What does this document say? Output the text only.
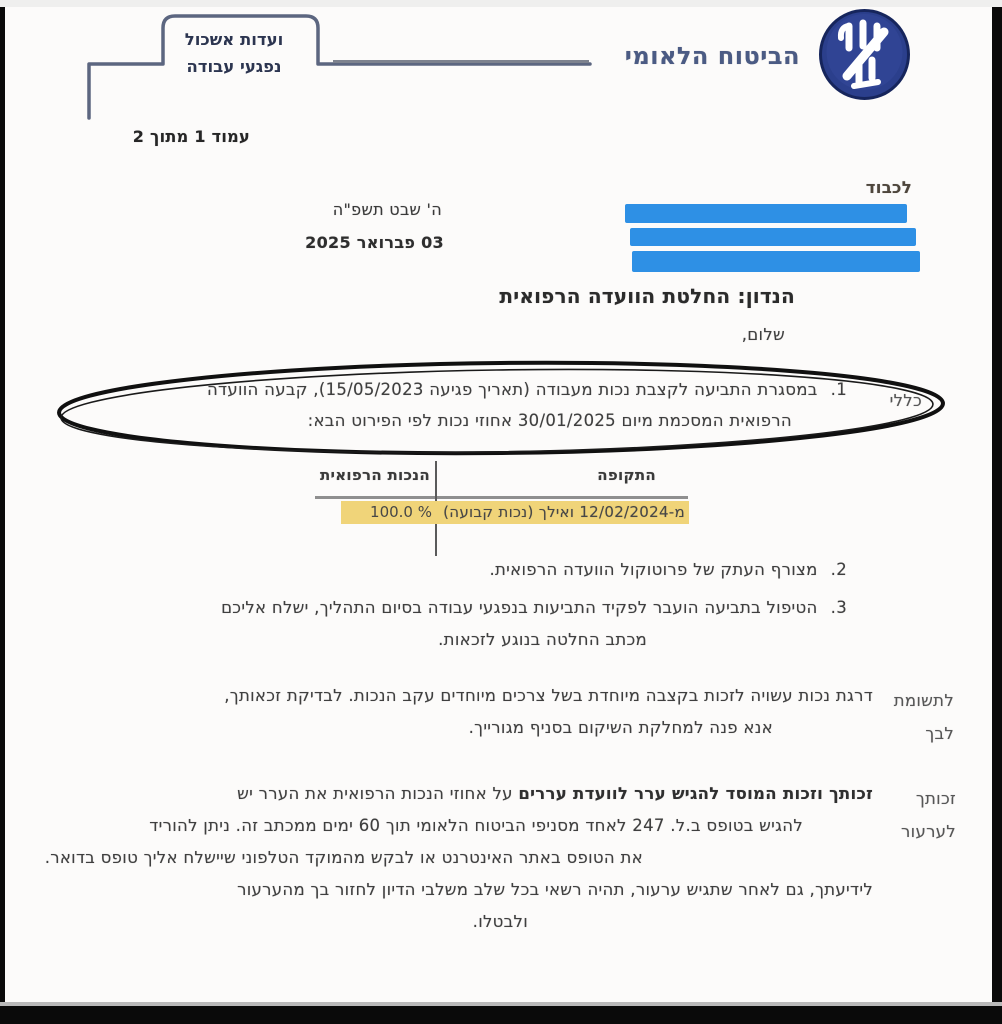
ועדות אשכול
נפגעי עבודה
עמוד 1 מתוך 2
הביטוח הלאומי
לכבוד
ה' שבט תשפ"ה
03 פברואר 2025
הנדון: החלטת הוועדה הרפואית
שלום,
כללי
1.במסגרת התביעה לקצבת נכות מעבודה (תאריך פגיעה 15/05/2023), קבעה הוועדה
הרפואית המסכמת מיום 30/01/2025 אחוזי נכות לפי הפירוט הבא:
התקופה
הנכות הרפואית
מ-12/02/2024 ואילך (נכות קבועה)
100.0 %
2.מצורף העתק של פרוטוקול הוועדה הרפואית.
3.הטיפול בתביעה הועבר לפקיד התביעות בנפגעי עבודה בסיום התהליך, ישלח אליכם
מכתב החלטה בנוגע לזכאות.
לתשומת
לבך
דרגת נכות עשויה לזכות בקצבה מיוחדת בשל צרכים מיוחדים עקב הנכות. לבדיקת זכאותך,
אנא פנה למחלקת השיקום בסניף מגורייך.
זכותך
לערעור
זכותך וזכות המוסד להגיש ערר לוועדת עררים על אחוזי הנכות הרפואית את הערר יש
להגיש בטופס ב.ל. 247 לאחד מסניפי הביטוח הלאומי תוך 60 ימים ממכתב זה. ניתן להוריד
את הטופס באתר האינטרנט או לבקש מהמוקד הטלפוני שיישלח אליך טופס בדואר.
לידיעתך, גם לאחר שתגיש ערעור, תהיה רשאי בכל שלב משלבי הדיון לחזור בך מהערעור
ולבטלו.
